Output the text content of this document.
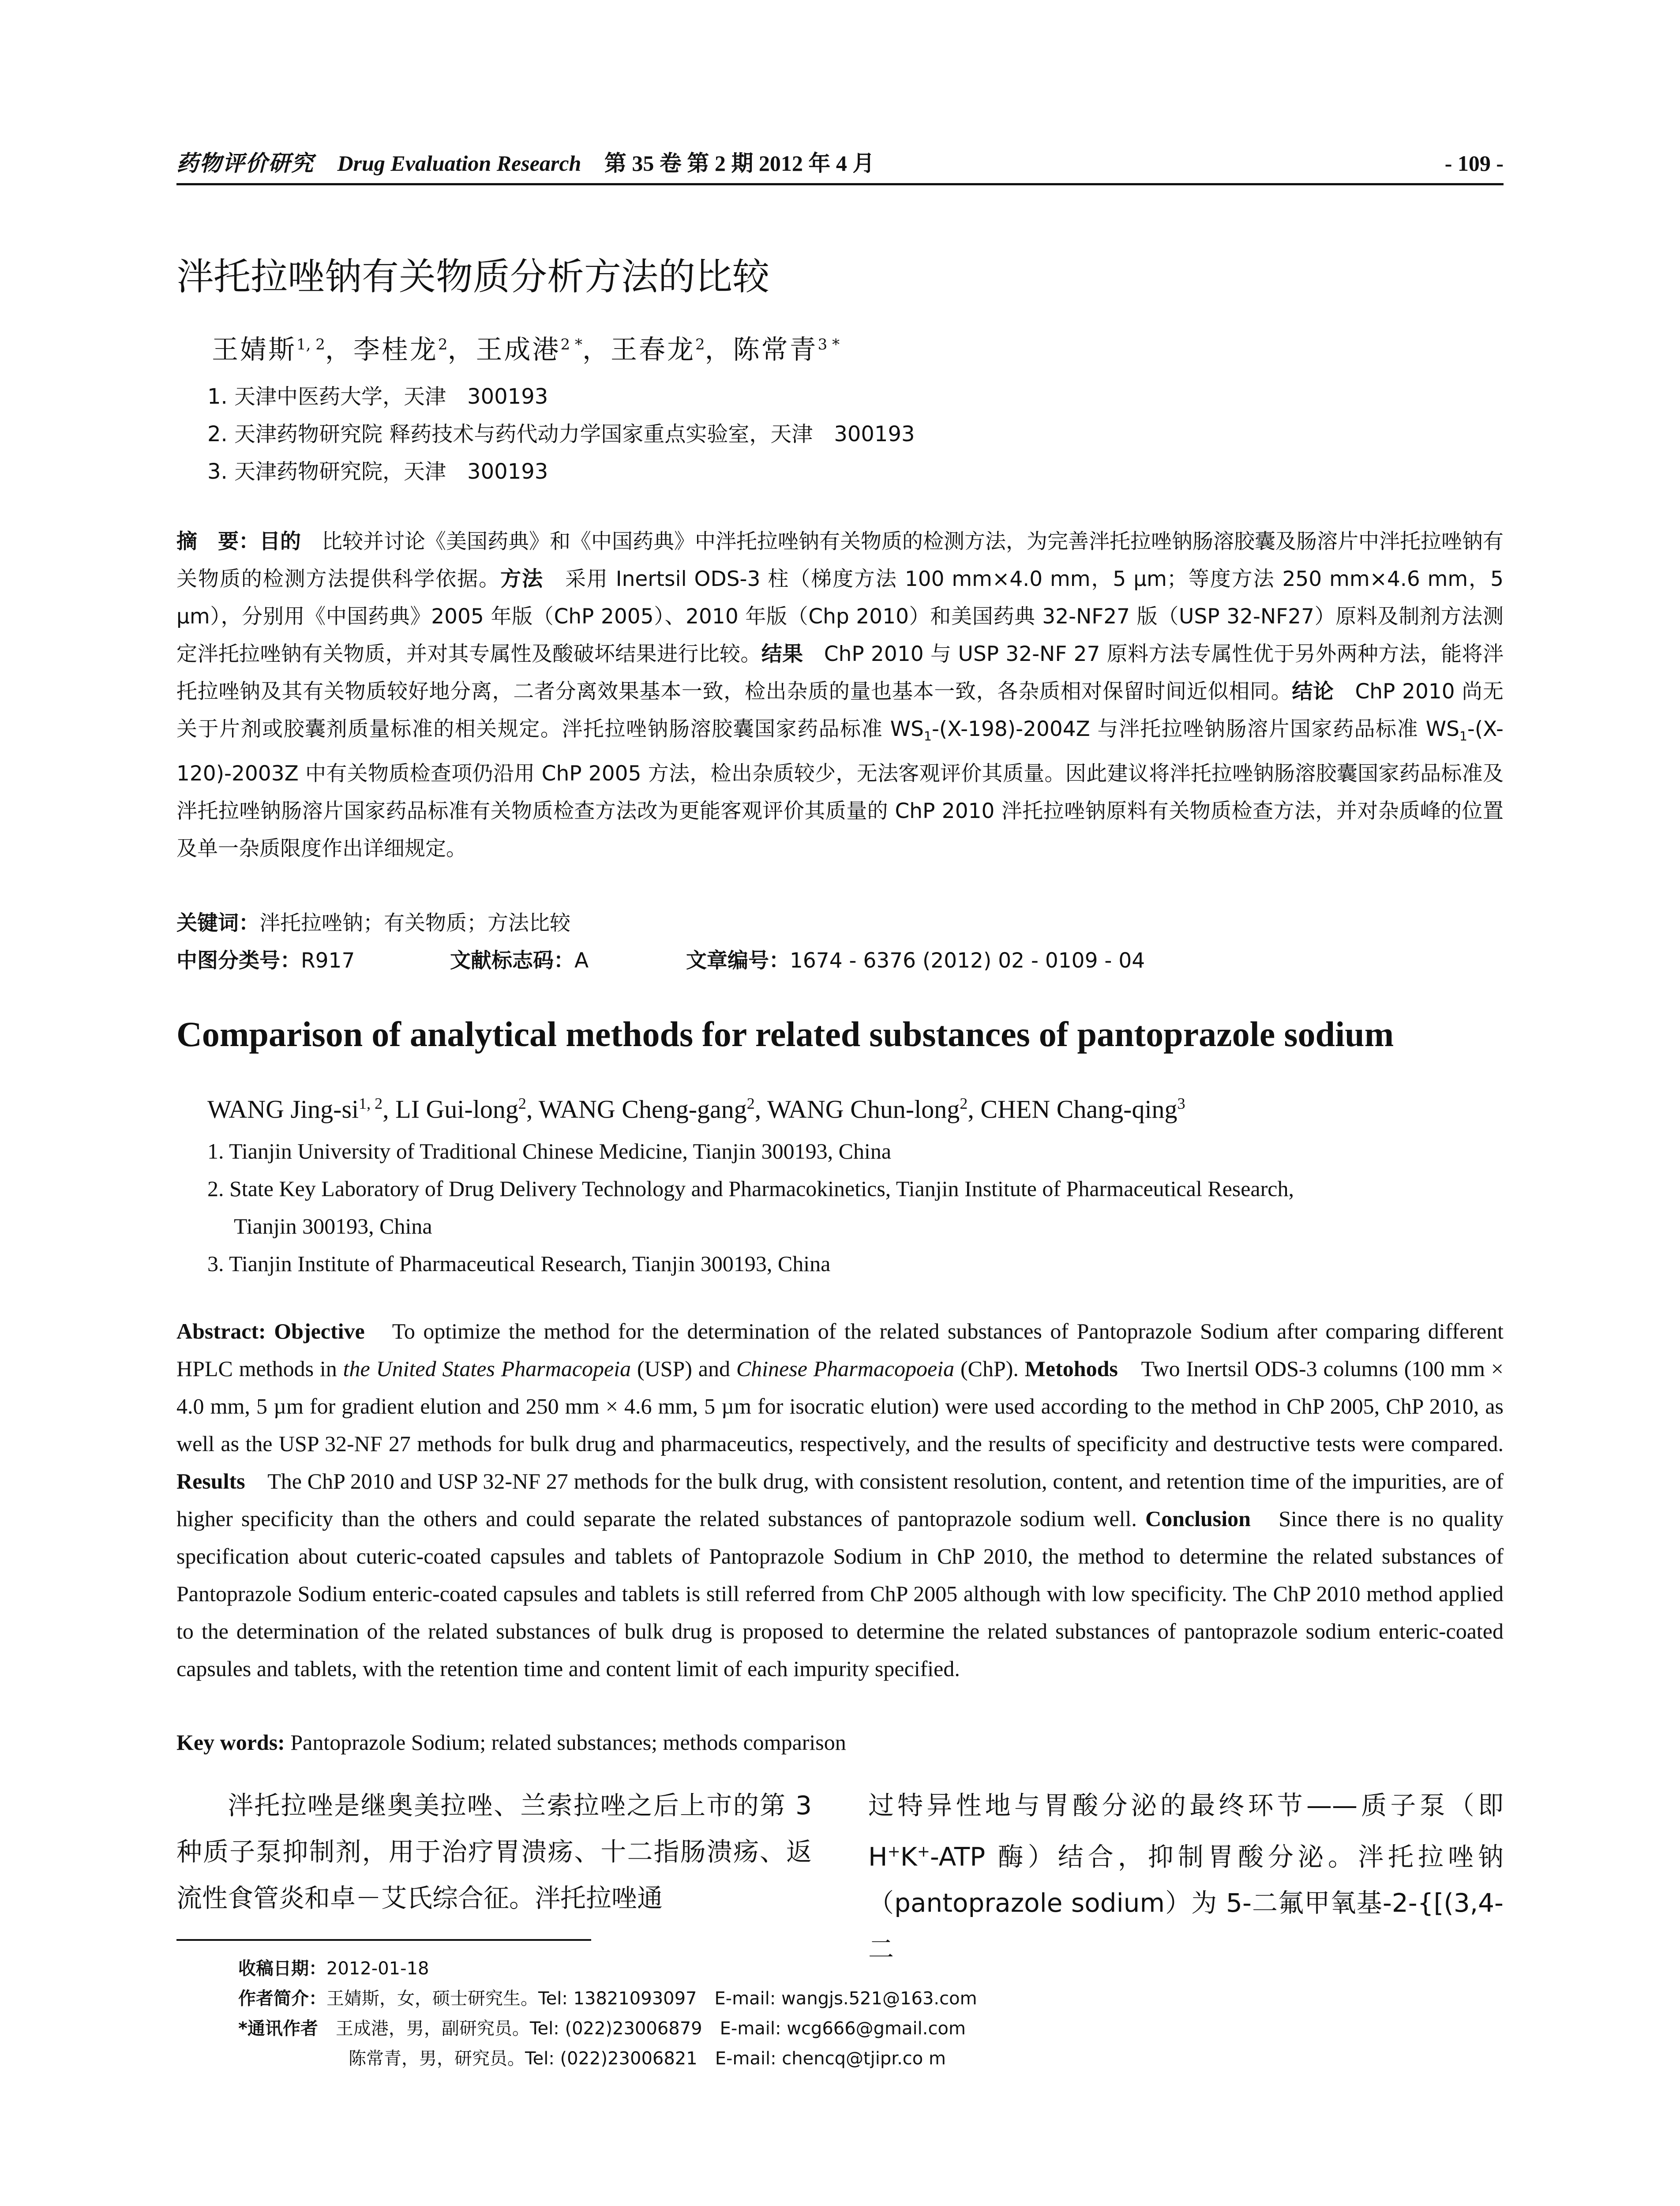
药物评价研究 Drug Evaluation Research 第 35 卷 第 2 期 2012 年 4 月	- 109 -
泮托拉唑钠有关物质分析方法的比较
王婧斯$^{1, 2}$，李桂龙$^2$，王成港$^{2 *}$，王春龙$^2$，陈常青$^{3 *}$
1. 天津中医药大学，天津　300193
2. 天津药物研究院 释药技术与药代动力学国家重点实验室，天津　300193
3. 天津药物研究院，天津　300193
摘　要：目的　比较并讨论《美国药典》和《中国药典》中泮托拉唑钠有关物质的检测方法，为完善泮托拉唑钠肠溶胶囊及肠溶片中泮托拉唑钠有关物质的检测方法提供科学依据。方法　采用 Inertsil ODS-3 柱（梯度方法 100 mm×4.0 mm，5 µm；等度方法 250 mm×4.6 mm，5 µm），分别用《中国药典》2005 年版（ChP 2005）、2010 年版（Chp 2010）和美国药典 32-NF27 版（USP 32-NF27）原料及制剂方法测定泮托拉唑钠有关物质，并对其专属性及酸破坏结果进行比较。结果　ChP 2010 与 USP 32-NF 27 原料方法专属性优于另外两种方法，能将泮托拉唑钠及其有关物质较好地分离，二者分离效果基本一致，检出杂质的量也基本一致，各杂质相对保留时间近似相同。结论　ChP 2010 尚无关于片剂或胶囊剂质量标准的相关规定。泮托拉唑钠肠溶胶囊国家药品标准 $WS_1-(X-198)-2004Z$ 与泮托拉唑钠肠溶片国家药品标准 $WS_1-(X-120)-2003Z$ 中有关物质检查项仍沿用 ChP 2005 方法，检出杂质较少，无法客观评价其质量。因此建议将泮托拉唑钠肠溶胶囊国家药品标准及泮托拉唑钠肠溶片国家药品标准有关物质检查方法改为更能客观评价其质量的 ChP 2010 泮托拉唑钠原料有关物质检查方法，并对杂质峰的位置及单一杂质限度作出详细规定。
关键词：泮托拉唑钠；有关物质；方法比较
中图分类号：R917	文献标志码：A	文章编号：1674 - 6376 (2012) 02 - 0109 - 04
Comparison of analytical methods for related substances of pantoprazole sodium
WANG Jing-si$^{1, 2}$, LI Gui-long$^2$, WANG Cheng-gang$^2$, WANG Chun-long$^2$, CHEN Chang-qing$^3$
1. Tianjin University of Traditional Chinese Medicine, Tianjin 300193, China
2. State Key Laboratory of Drug Delivery Technology and Pharmacokinetics, Tianjin Institute of Pharmaceutical Research,
Tianjin 300193, China
3. Tianjin Institute of Pharmaceutical Research, Tianjin 300193, China
Abstract: Objective　To optimize the method for the determination of the related substances of Pantoprazole Sodium after comparing different HPLC methods in the United States Pharmacopeia (USP) and Chinese Pharmacopoeia (ChP). Metohods　Two Inertsil ODS-3 columns (100 mm × 4.0 mm, 5 µm for gradient elution and 250 mm × 4.6 mm, 5 µm for isocratic elution) were used according to the method in ChP 2005, ChP 2010, as well as the USP 32-NF 27 methods for bulk drug and pharmaceutics, respectively, and the results of specificity and destructive tests were compared. Results　The ChP 2010 and USP 32-NF 27 methods for the bulk drug, with consistent resolution, content, and retention time of the impurities, are of higher specificity than the others and could separate the related substances of pantoprazole sodium well. Conclusion　Since there is no quality specification about cuteric-coated capsules and tablets of Pantoprazole Sodium in ChP 2010, the method to determine the related substances of Pantoprazole Sodium enteric-coated capsules and tablets is still referred from ChP 2005 although with low specificity. The ChP 2010 method applied to the determination of the related substances of bulk drug is proposed to determine the related substances of pantoprazole sodium enteric-coated capsules and tablets, with the retention time and content limit of each impurity specified.
Key words: Pantoprazole Sodium; related substances; methods comparison
泮托拉唑是继奥美拉唑、兰索拉唑之后上市的第 3 种质子泵抑制剂，用于治疗胃溃疡、十二指肠溃疡、返流性食管炎和卓－艾氏综合征。泮托拉唑通
过特异性地与胃酸分泌的最终环节——质子泵（即 H+K+-ATP 酶）结合，抑制胃酸分泌。泮托拉唑钠（pantoprazole sodium）为 5-二氟甲氧基-2-{[(3,4-二
收稿日期：2012-01-18
作者简介：王婧斯，女，硕士研究生。Tel: 13821093097　E-mail: wangjs.521@163.com
*通讯作者　王成港，男，副研究员。Tel: (022)23006879　E-mail: wcg666@gmail.com
陈常青，男，研究员。Tel: (022)23006821　E-mail: chencq@tjipr.co m
